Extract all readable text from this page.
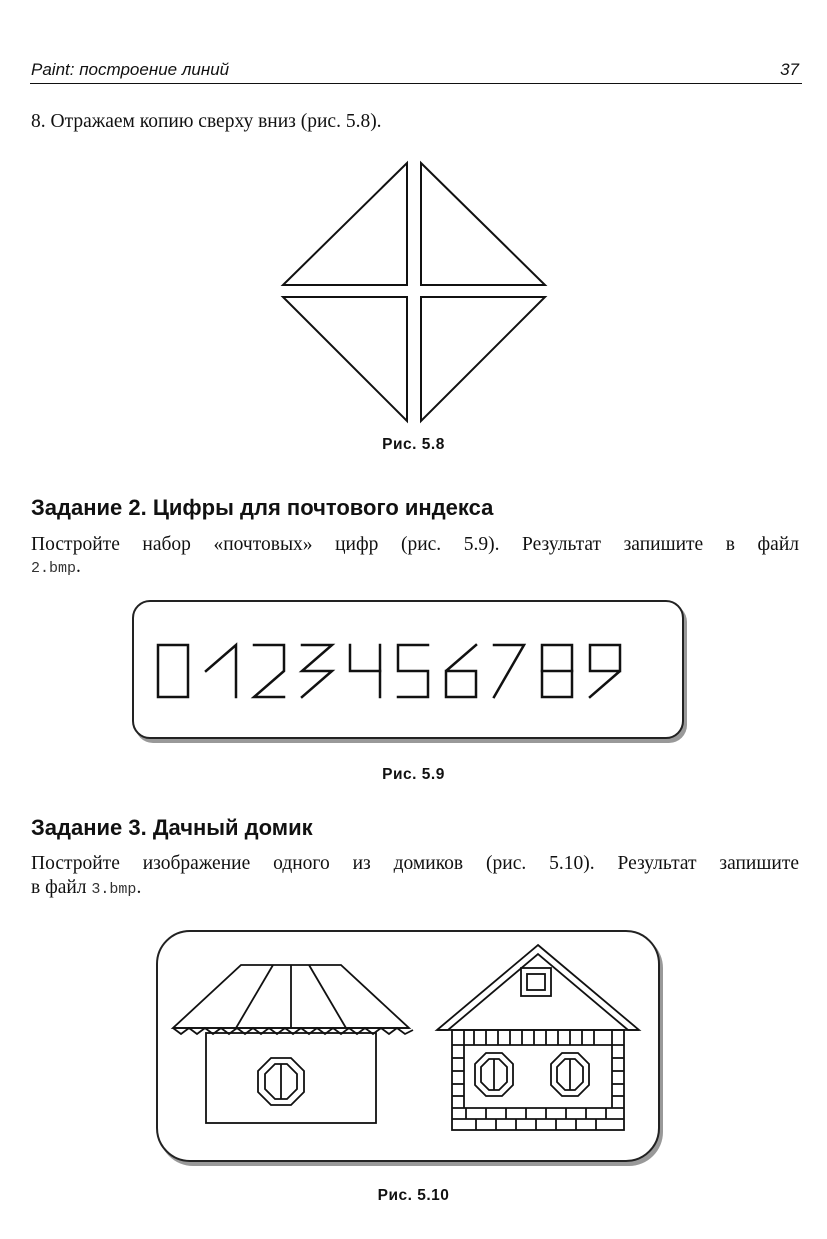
Paint: построение линий	37
8. Отражаем копию сверху вниз (рис. 5.8).
Рис. 5.8
Задание 2. Цифры для почтового индекса
Постройте набор «почтовых» цифр (рис. 5.9). Результат запишите в файл
2.bmp.
Рис. 5.9
Задание 3. Дачный домик
Постройте изображение одного из домиков (рис. 5.10). Результат запишите
в файл 3.bmp.
Рис. 5.10
